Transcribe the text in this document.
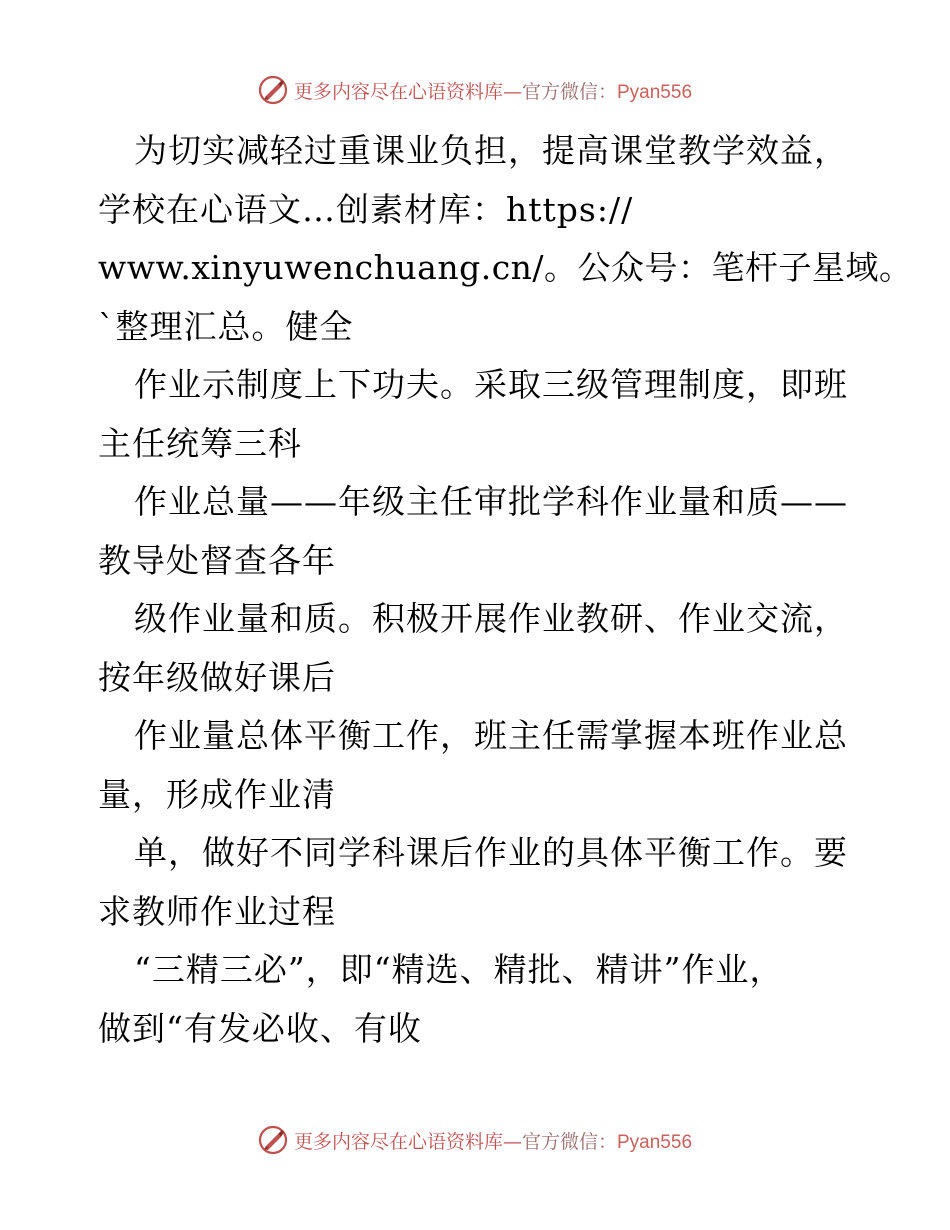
更多内容尽在心语资料库—官方微信：Pyan556
为切实减轻过重课业负担，提高课堂教学效益，
学校在心语文…创素材库：https://
www.xinyuwenchuang.cn/。公众号：笔杆子星域。
`整理汇总。健全
作业示制度上下功夫。采取三级管理制度，即班
主任统筹三科
作业总量——年级主任审批学科作业量和质——
教导处督查各年
级作业量和质。积极开展作业教研、作业交流，
按年级做好课后
作业量总体平衡工作，班主任需掌握本班作业总
量，形成作业清
单，做好不同学科课后作业的具体平衡工作。要
求教师作业过程
“三精三必”，即“精选、精批、精讲”作业，
做到“有发必收、有收
更多内容尽在心语资料库—官方微信：Pyan556
